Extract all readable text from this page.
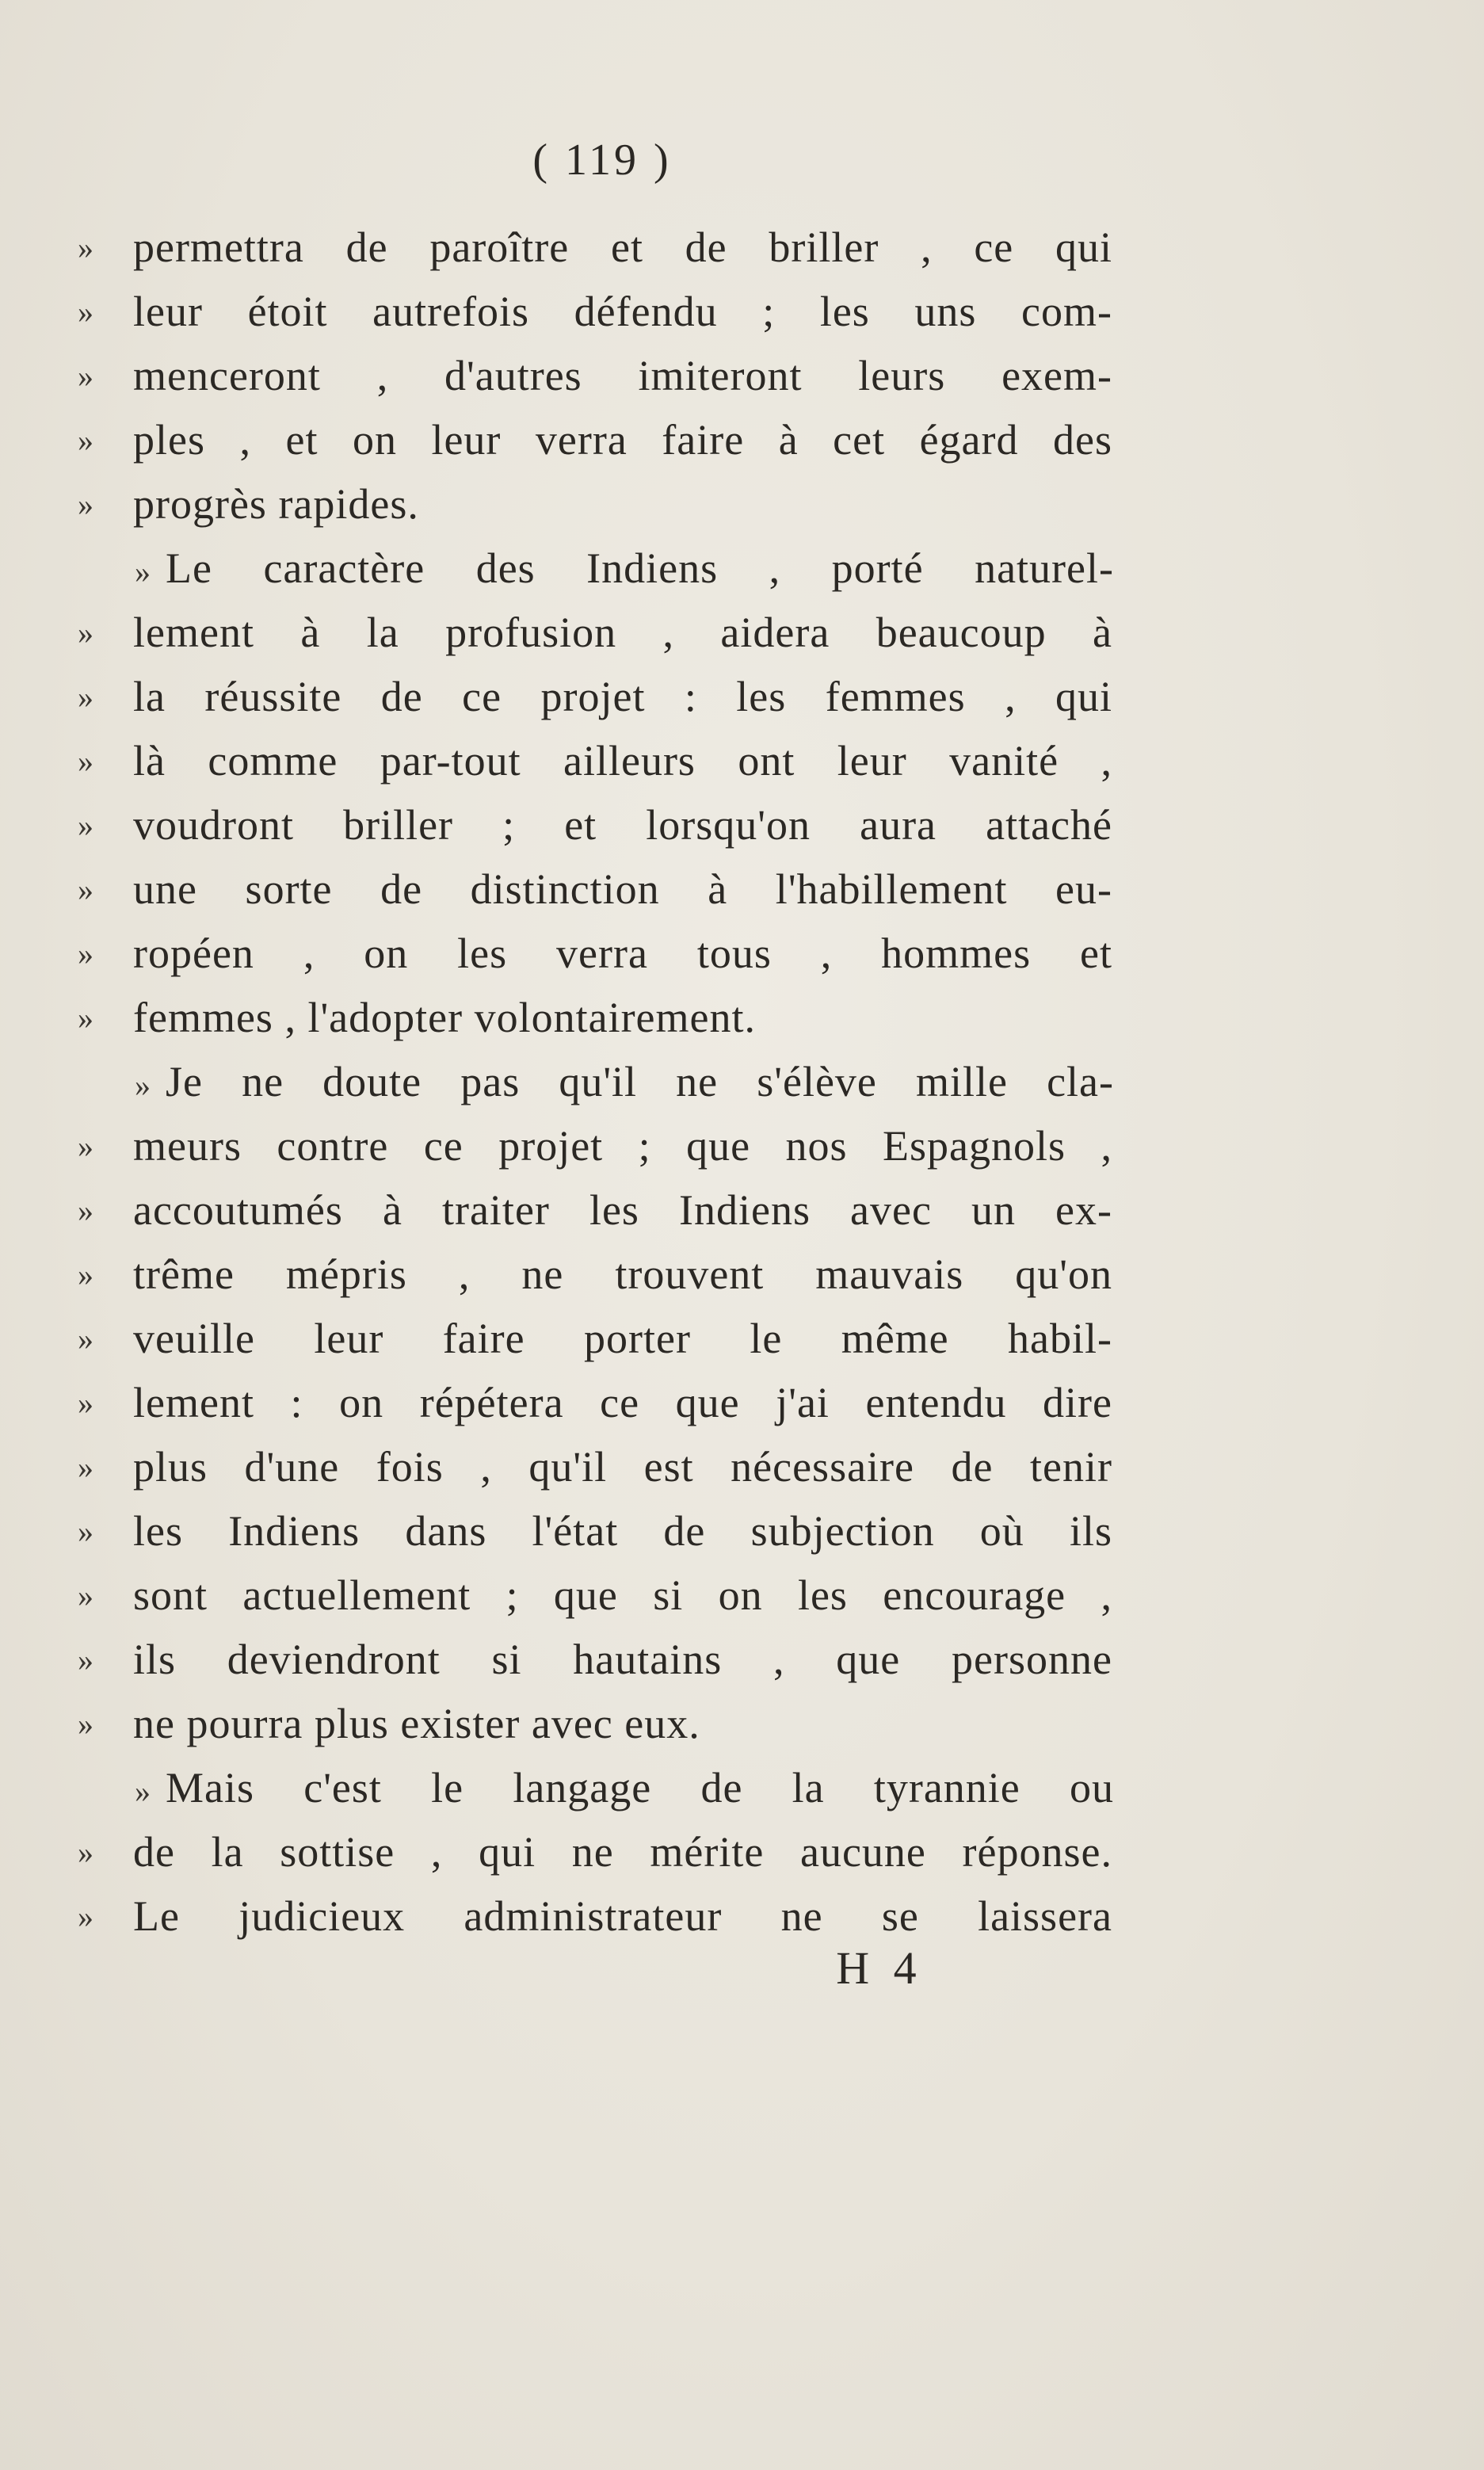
( 119 )
» permettra de paroître et de briller , ce qui
» leur étoit autrefois défendu ; les uns com-
» menceront , d'autres imiteront leurs exem-
» ples , et on leur verra faire à cet égard des
» progrès rapides.
» Le caractère des Indiens , porté naturel-
» lement à la profusion , aidera beaucoup à
» la réussite de ce projet : les femmes , qui
» là comme par-tout ailleurs ont leur vanité ,
» voudront briller ; et lorsqu'on aura attaché
» une sorte de distinction à l'habillement eu-
» ropéen , on les verra tous , hommes et
» femmes , l'adopter volontairement.
» Je ne doute pas qu'il ne s'élève mille cla-
» meurs contre ce projet ; que nos Espagnols ,
» accoutumés à traiter les Indiens avec un ex-
» trême mépris , ne trouvent mauvais qu'on
» veuille leur faire porter le même habil-
» lement : on répétera ce que j'ai entendu dire
» plus d'une fois , qu'il est nécessaire de tenir
» les Indiens dans l'état de subjection où ils
» sont actuellement ; que si on les encourage ,
» ils deviendront si hautains , que personne
» ne pourra plus exister avec eux.
» Mais c'est le langage de la tyrannie ou
» de la sottise , qui ne mérite aucune réponse.
» Le judicieux administrateur ne se laissera
H 4
